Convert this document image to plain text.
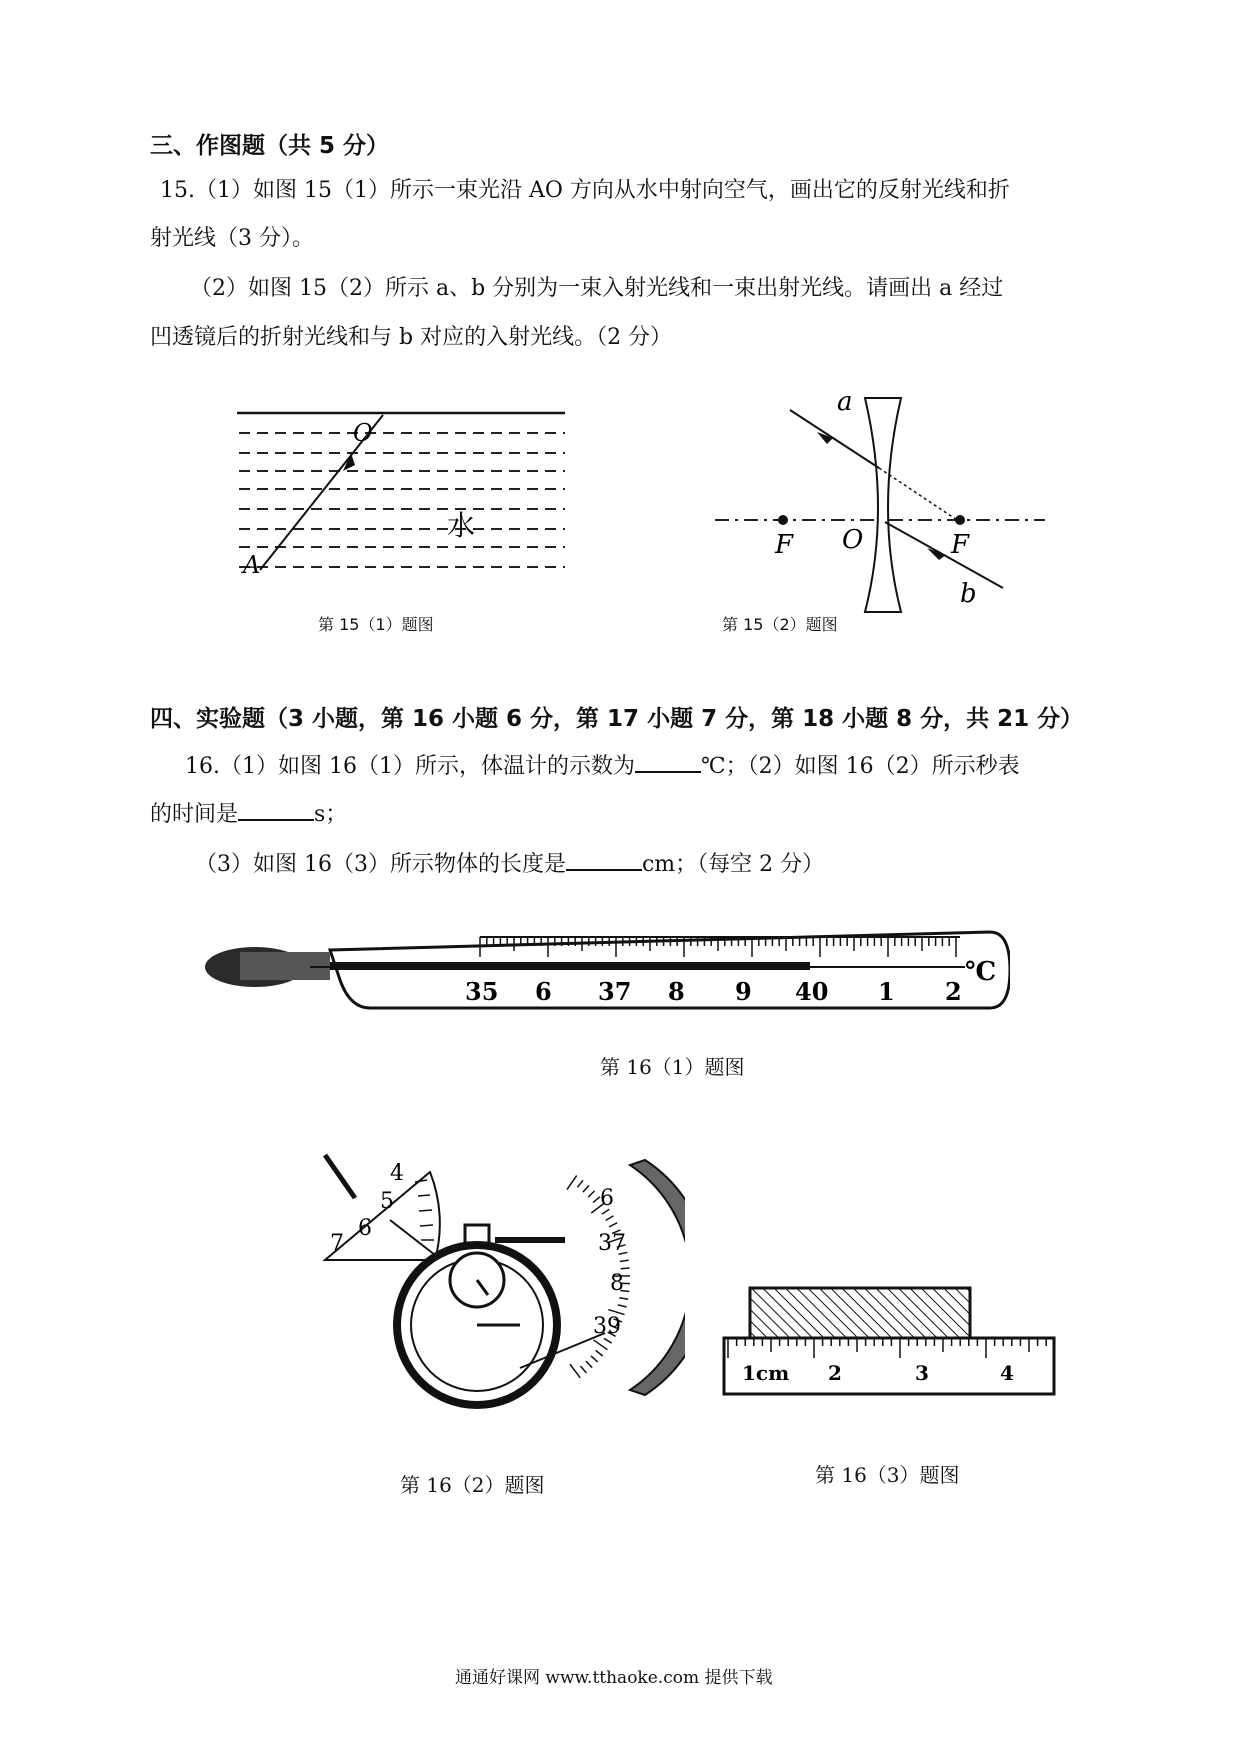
三、作图题（共 5 分）
15.（1）如图 15（1）所示一束光沿 AO 方向从水中射向空气，画出它的反射光线和折
射光线（3 分）。
（2）如图 15（2）所示 a、b 分别为一束入射光线和一束出射光线。请画出 a 经过
凹透镜后的折射光线和与 b 对应的入射光线。（2 分）
O
A
水
第 15（1）题图
a
F O	F
b
第 15（2）题图
四、实验题（3 小题，第 16 小题 6 分，第 17 小题 7 分，第 18 小题 8 分，共 21 分）
16.（1）如图 16（1）所示，体温计的示数为	℃；（2）如图 16（2）所示秒表
的时间是	s；
（3）如图 16（3）所示物体的长度是	cm；（每空 2 分）
35 6 37 8 9 40 1 2
℃
第 16（1）题图
4
5
6
7
6
37
8
39
第 16（2）题图
1cm 2	3	4
第 16（3）题图
通通好课网 www.tthaoke.com 提供下载
